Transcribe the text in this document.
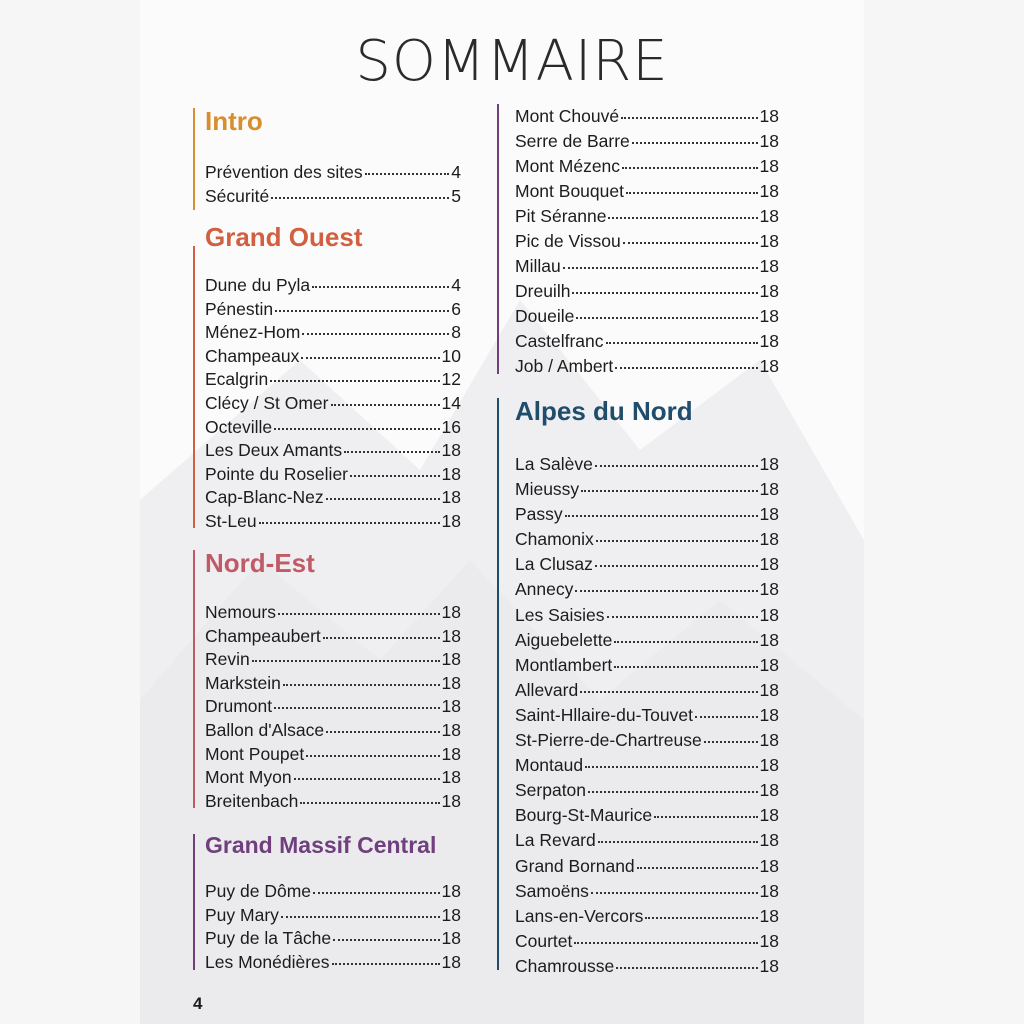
SOMMAIRE
Intro
Prévention des sites	4
Sécurité	5
Grand Ouest
Dune du Pyla	4
Pénestin	6
Ménez-Hom	8
Champeaux	10
Ecalgrin	12
Clécy / St Omer	14
Octeville	16
Les Deux Amants	18
Pointe du Roselier	18
Cap-Blanc-Nez	18
St-Leu	18
Nord-Est
Nemours	18
Champeaubert	18
Revin	18
Markstein	18
Drumont	18
Ballon d'Alsace	18
Mont Poupet	18
Mont Myon	18
Breitenbach	18
Grand Massif Central
Puy de Dôme	18
Puy Mary	18
Puy de la Tâche	18
Les Monédières	18
Mont Chouvé	18
Serre de Barre	18
Mont Mézenc	18
Mont Bouquet	18
Pit Séranne	18
Pic de Vissou	18
Millau	18
Dreuilh	18
Doueile	18
Castelfranc	18
Job / Ambert	18
Alpes du Nord
La Salève	18
Mieussy	18
Passy	18
Chamonix	18
La Clusaz	18
Annecy	18
Les Saisies	18
Aiguebelette	18
Montlambert	18
Allevard	18
Saint-Hllaire-du-Touvet	18
St-Pierre-de-Chartreuse	18
Montaud	18
Serpaton	18
Bourg-St-Maurice	18
La Revard	18
Grand Bornand	18
Samoëns	18
Lans-en-Vercors	18
Courtet	18
Chamrousse	18
4
